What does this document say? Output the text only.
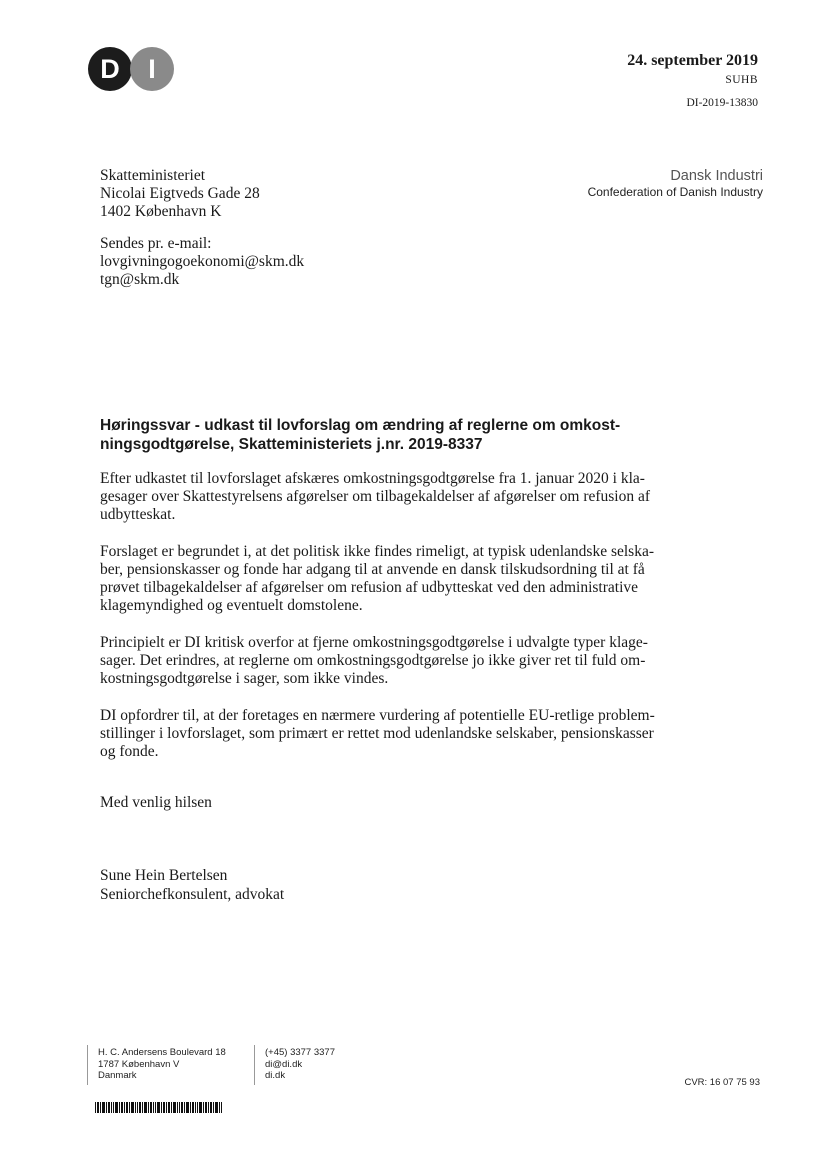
D	I	24. september 2019
SUHB
DI-2019-13830
Skatteministeriet
Nicolai Eigtveds Gade 28
1402 København K
Sendes pr. e-mail:
lovgivningogoekonomi@skm.dk
tgn@skm.dk
Dansk Industri
Confederation of Danish Industry
Høringssvar - udkast til lovforslag om ændring af reglerne om omkost-
ningsgodtgørelse, Skatteministeriets j.nr. 2019-8337
Efter udkastet til lovforslaget afskæres omkostningsgodtgørelse fra 1. januar 2020 i kla-
gesager over Skattestyrelsens afgørelser om tilbagekaldelser af afgørelser om refusion af
udbytteskat.
Forslaget er begrundet i, at det politisk ikke findes rimeligt, at typisk udenlandske selska-
ber, pensionskasser og fonde har adgang til at anvende en dansk tilskudsordning til at få
prøvet tilbagekaldelser af afgørelser om refusion af udbytteskat ved den administrative
klagemyndighed og eventuelt domstolene.
Principielt er DI kritisk overfor at fjerne omkostningsgodtgørelse i udvalgte typer klage-
sager. Det erindres, at reglerne om omkostningsgodtgørelse jo ikke giver ret til fuld om-
kostningsgodtgørelse i sager, som ikke vindes.
DI opfordrer til, at der foretages en nærmere vurdering af potentielle EU-retlige problem-
stillinger i lovforslaget, som primært er rettet mod udenlandske selskaber, pensionskasser
og fonde.
Med venlig hilsen
Sune Hein Bertelsen
Seniorchefkonsulent, advokat
H. C. Andersens Boulevard 18
1787 København V
Danmark
(+45) 3377 3377
di@di.dk
di.dk
CVR: 16 07 75 93
